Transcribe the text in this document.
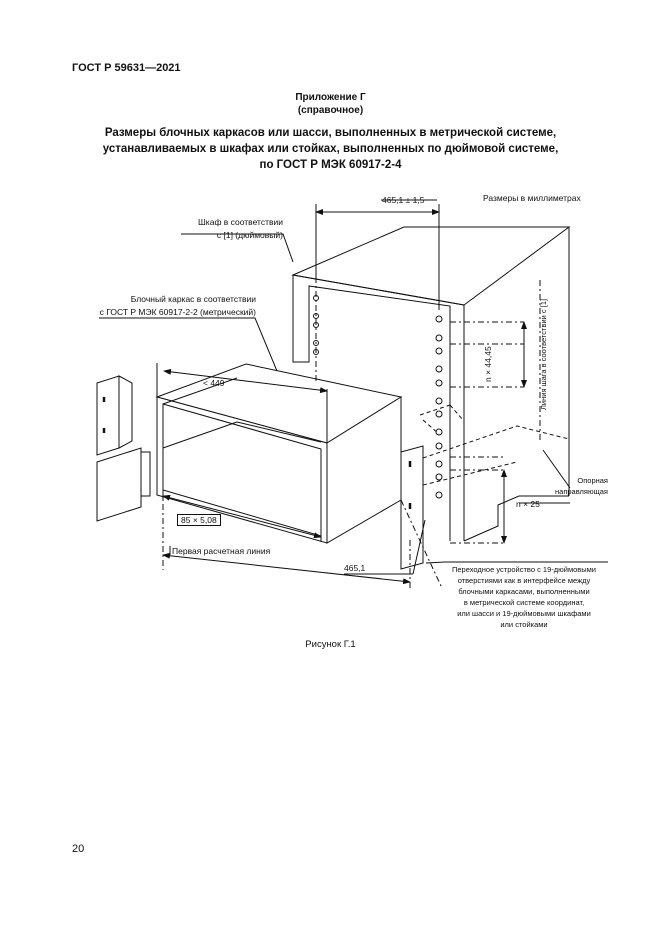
ГОСТ Р 59631—2021
Приложение Г
(справочное)
Размеры блочных каркасов или шасси, выполненных в метрической системе,
устанавливаемых в шкафах или стойках, выполненных по дюймовой системе,
по ГОСТ Р МЭК 60917-2-4
Размеры в миллиметрах
465,1 ± 1,5
Шкаф в соответствии
с [1] (дюймовый)
Блочный каркас в соответствии
с ГОСТ Р МЭК 60917-2-2 (метрический)
< 449
85 × 5,08
Первая расчетная линия
465,1
n × 44,45	Линия шага в соответствии с [1]
Опорная
направляющая
n × 25
Переходное устройство с 19-дюймовыми
отверстиями как в интерфейсе между
блочными каркасами, выполненными
в метрической системе координат,
или шасси и 19-дюймовыми шкафами
или стойками
Рисунок Г.1
20
